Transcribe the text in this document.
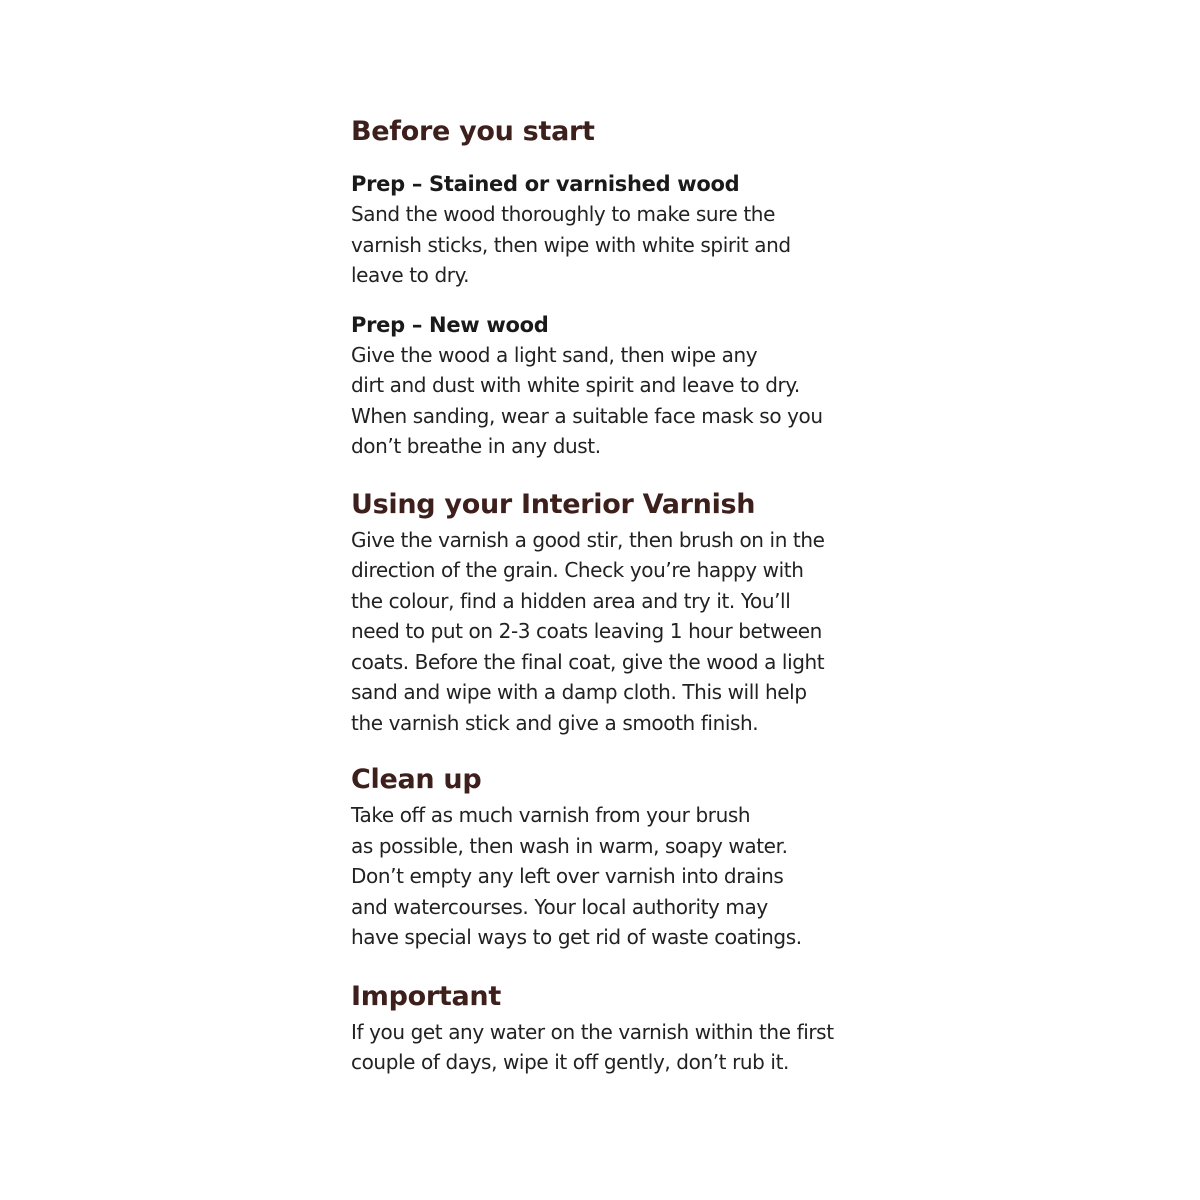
Before you start
Prep – Stained or varnished wood

Sand the wood thoroughly to make sure the
varnish sticks, then wipe with white spirit and
leave to dry.

Prep – New wood

Give the wood a light sand, then wipe any
dirt and dust with white spirit and leave to dry.
When sanding, wear a suitable face mask so you
don’t breathe in any dust.

Using your Interior Varnish

Give the varnish a good stir, then brush on in the
direction of the grain. Check you’re happy with
the colour, find a hidden area and try it. You’ll
need to put on 2-3 coats leaving 1 hour between
coats. Before the final coat, give the wood a light
sand and wipe with a damp cloth. This will help
the varnish stick and give a smooth finish.

Clean up

Take off as much varnish from your brush
as possible, then wash in warm, soapy water.
Don’t empty any left over varnish into drains
and watercourses. Your local authority may
have special ways to get rid of waste coatings.

Important

If you get any water on the varnish within the first
couple of days, wipe it off gently, don’t rub it.
